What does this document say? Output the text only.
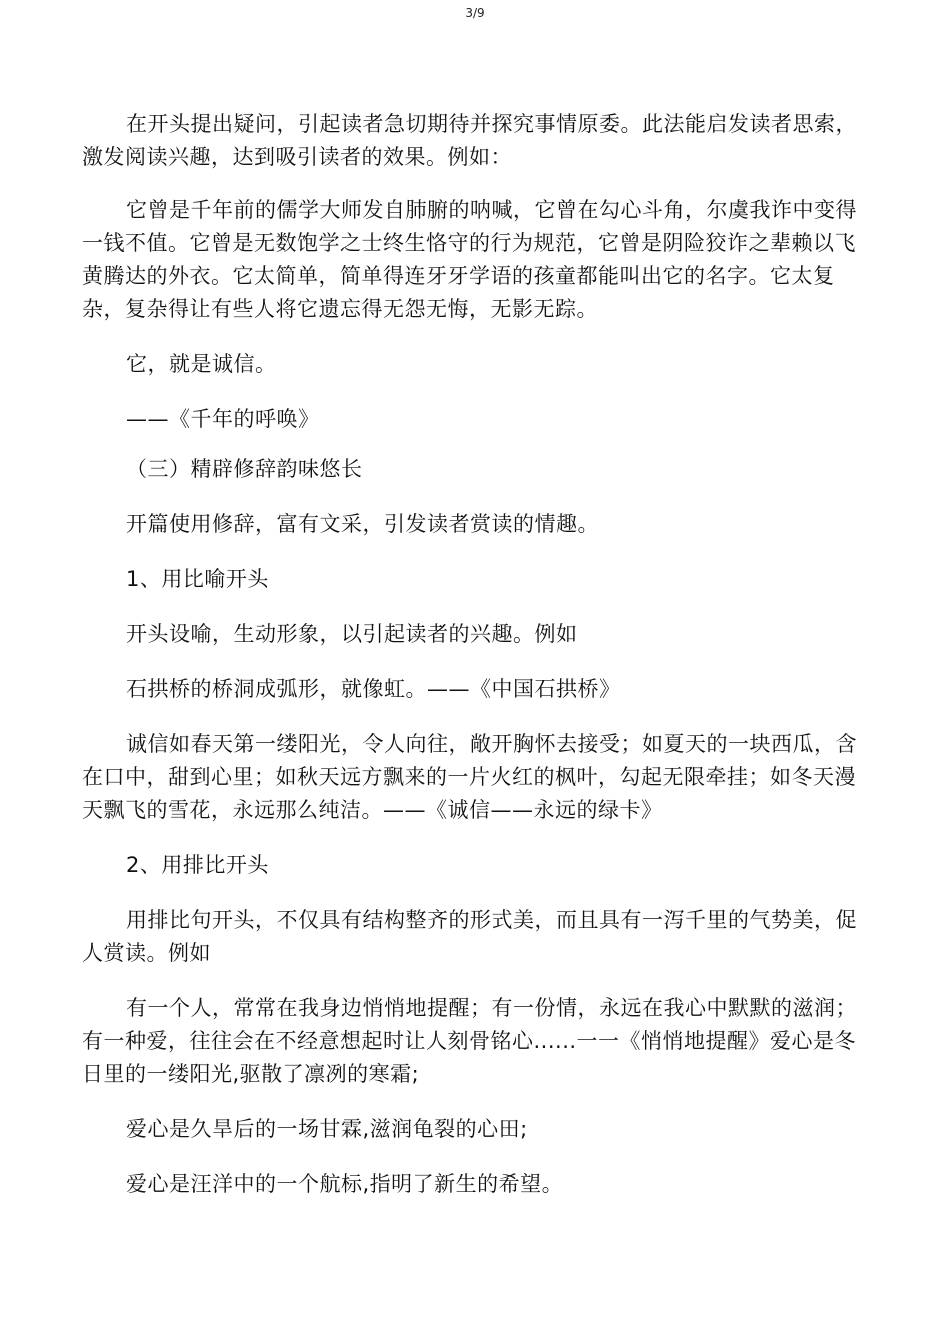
3/9

在开头提出疑问，引起读者急切期待并探究事情原委。此法能启发读者思索，激发阅读兴趣，达到吸引读者的效果。例如：

它曾是千年前的儒学大师发自肺腑的呐喊，它曾在勾心斗角，尔虞我诈中变得一钱不值。它曾是无数饱学之士终生恪守的行为规范，它曾是阴险狡诈之辈赖以飞黄腾达的外衣。它太简单，简单得连牙牙学语的孩童都能叫出它的名字。它太复杂，复杂得让有些人将它遗忘得无怨无悔，无影无踪。

它，就是诚信。

——《千年的呼唤》

（三）精辟修辞韵味悠长

开篇使用修辞，富有文采，引发读者赏读的情趣。

1、用比喻开头

开头设喻，生动形象，以引起读者的兴趣。例如

石拱桥的桥洞成弧形，就像虹。——《中国石拱桥》

诚信如春天第一缕阳光，令人向往，敞开胸怀去接受；如夏天的一块西瓜，含在口中，甜到心里；如秋天远方飘来的一片火红的枫叶，勾起无限牵挂；如冬天漫天飘飞的雪花，永远那么纯洁。——《诚信——永远的绿卡》

2、用排比开头

用排比句开头，不仅具有结构整齐的形式美，而且具有一泻千里的气势美，促人赏读。例如

有一个人，常常在我身边悄悄地提醒；有一份情，永远在我心中默默的滋润；有一种爱，往往会在不经意想起时让人刻骨铭心......一一《悄悄地提醒》爱心是冬日里的一缕阳光,驱散了凛冽的寒霜;

爱心是久旱后的一场甘霖,滋润龟裂的心田;

爱心是汪洋中的一个航标,指明了新生的希望。
